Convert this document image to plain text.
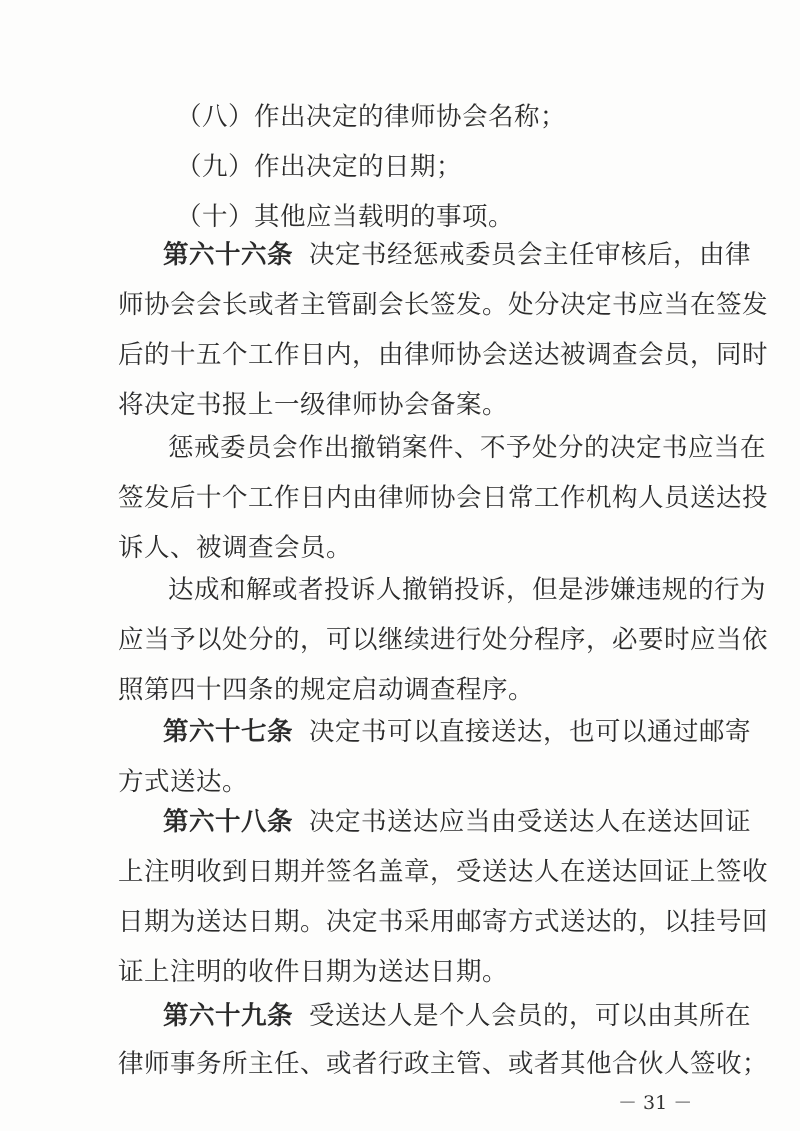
（八）作出决定的律师协会名称；
（九）作出决定的日期；
（十）其他应当载明的事项。
第六十六条 决定书经惩戒委员会主任审核后，由律
师协会会长或者主管副会长签发。处分决定书应当在签发
后的十五个工作日内，由律师协会送达被调查会员，同时
将决定书报上一级律师协会备案。
惩戒委员会作出撤销案件、不予处分的决定书应当在
签发后十个工作日内由律师协会日常工作机构人员送达投
诉人、被调查会员。
达成和解或者投诉人撤销投诉，但是涉嫌违规的行为
应当予以处分的，可以继续进行处分程序，必要时应当依
照第四十四条的规定启动调查程序。
第六十七条 决定书可以直接送达，也可以通过邮寄
方式送达。
第六十八条 决定书送达应当由受送达人在送达回证
上注明收到日期并签名盖章，受送达人在送达回证上签收
日期为送达日期。决定书采用邮寄方式送达的，以挂号回
证上注明的收件日期为送达日期。
－ 31 －
第六十九条 受送达人是个人会员的，可以由其所在
律师事务所主任、或者行政主管、或者其他合伙人签收；
